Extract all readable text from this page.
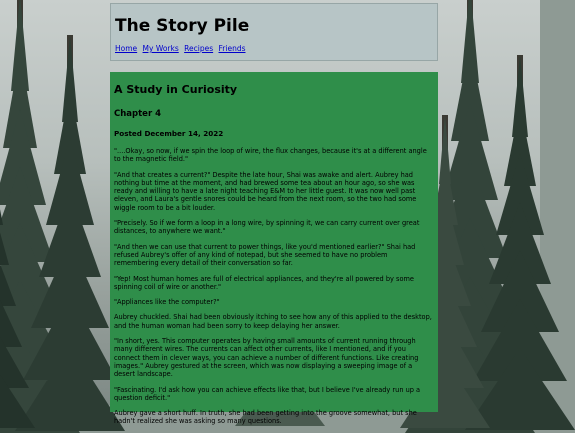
The Story Pile
Home My Works Recipes Friends
A Study in Curiosity
Chapter 4
Posted December 14, 2022

"....Okay, so now, if we spin the loop of wire, the flux changes, because it's at a different angle to the magnetic field."

"And that creates a current?" Despite the late hour, Shai was awake and alert. Aubrey had nothing but time at the moment, and had brewed some tea about an hour ago, so she was ready and willing to have a late night teaching E&M to her little guest. It was now well past eleven, and Laura's gentle snores could be heard from the next room, so the two had some wiggle room to be a bit louder.

"Precisely. So if we form a loop in a long wire, by spinning it, we can carry current over great distances, to anywhere we want."

"And then we can use that current to power things, like you'd mentioned earlier?" Shai had refused Aubrey's offer of any kind of notepad, but she seemed to have no problem remembering every detail of their conversation so far.

"Yep! Most human homes are full of electrical appliances, and they're all powered by some spinning coil of wire or another."

"Appliances like the computer?"

Aubrey chuckled. Shai had been obviously itching to see how any of this applied to the desktop, and the human woman had been sorry to keep delaying her answer.

"In short, yes. This computer operates by having small amounts of current running through many different wires. The currents can affect other currents, like I mentioned, and if you connect them in clever ways, you can achieve a number of different functions. Like creating images." Aubrey gestured at the screen, which was now displaying a sweeping image of a desert landscape.

"Fascinating. I'd ask how you can achieve effects like that, but I believe I've already run up a question deficit."

Aubrey gave a short huff. In truth, she had been getting into the groove somewhat, but she hadn't realized she was asking so many questions.
